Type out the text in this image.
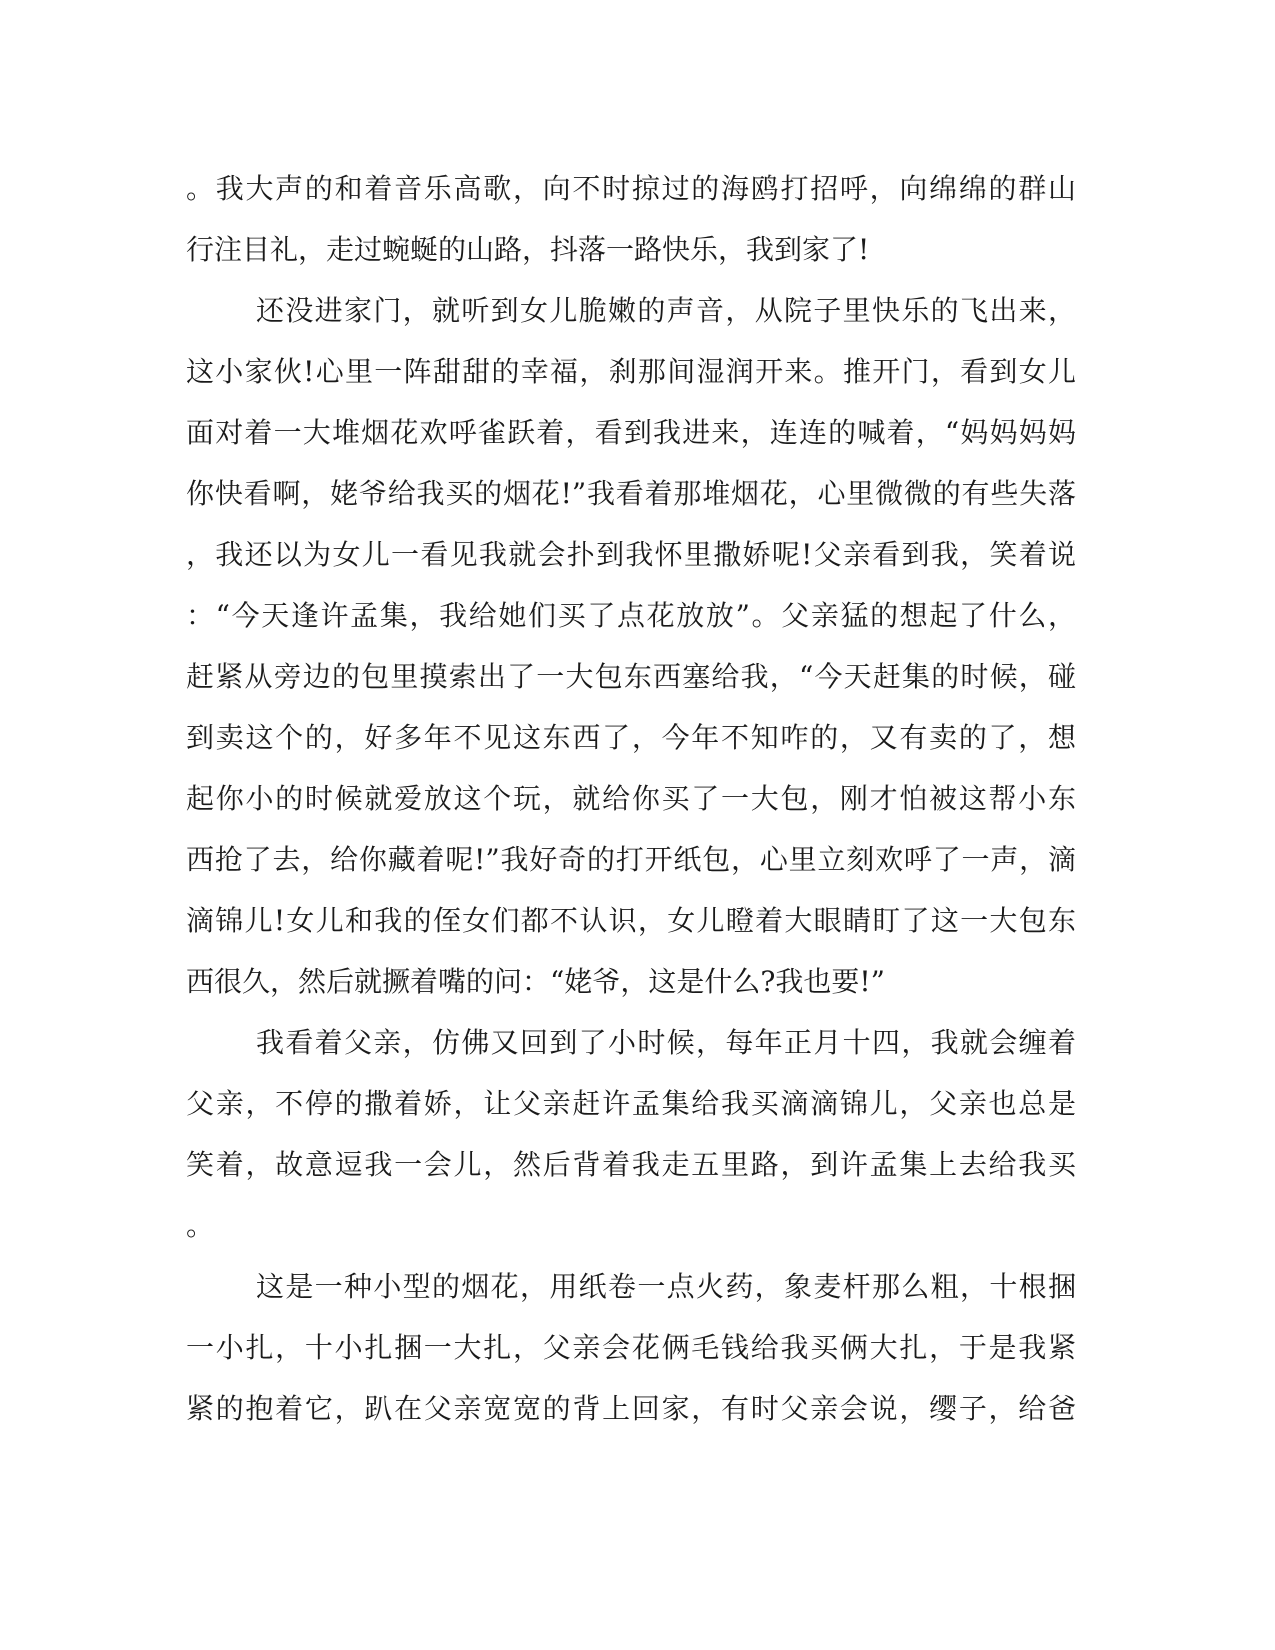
。我大声的和着音乐高歌，向不时掠过的海鸥打招呼，向绵绵的群山
行注目礼，走过蜿蜒的山路，抖落一路快乐，我到家了!
还没进家门，就听到女儿脆嫩的声音，从院子里快乐的飞出来，
这小家伙!心里一阵甜甜的幸福，刹那间湿润开来。推开门，看到女儿
面对着一大堆烟花欢呼雀跃着，看到我进来，连连的喊着，“妈妈妈妈
你快看啊，姥爷给我买的烟花!”我看着那堆烟花，心里微微的有些失落
，我还以为女儿一看见我就会扑到我怀里撒娇呢!父亲看到我，笑着说
：“今天逢许孟集，我给她们买了点花放放”。父亲猛的想起了什么，
赶紧从旁边的包里摸索出了一大包东西塞给我，“今天赶集的时候，碰
到卖这个的，好多年不见这东西了，今年不知咋的，又有卖的了，想
起你小的时候就爱放这个玩，就给你买了一大包，刚才怕被这帮小东
西抢了去，给你藏着呢!”我好奇的打开纸包，心里立刻欢呼了一声，滴
滴锦儿!女儿和我的侄女们都不认识，女儿瞪着大眼睛盯了这一大包东
西很久，然后就撅着嘴的问：“姥爷，这是什么?我也要!”
我看着父亲，仿佛又回到了小时候，每年正月十四，我就会缠着
父亲，不停的撒着娇，让父亲赶许孟集给我买滴滴锦儿，父亲也总是
笑着，故意逗我一会儿，然后背着我走五里路，到许孟集上去给我买
。
这是一种小型的烟花，用纸卷一点火药，象麦杆那么粗，十根捆
一小扎，十小扎捆一大扎，父亲会花俩毛钱给我买俩大扎，于是我紧
紧的抱着它，趴在父亲宽宽的背上回家，有时父亲会说，缨子，给爸
